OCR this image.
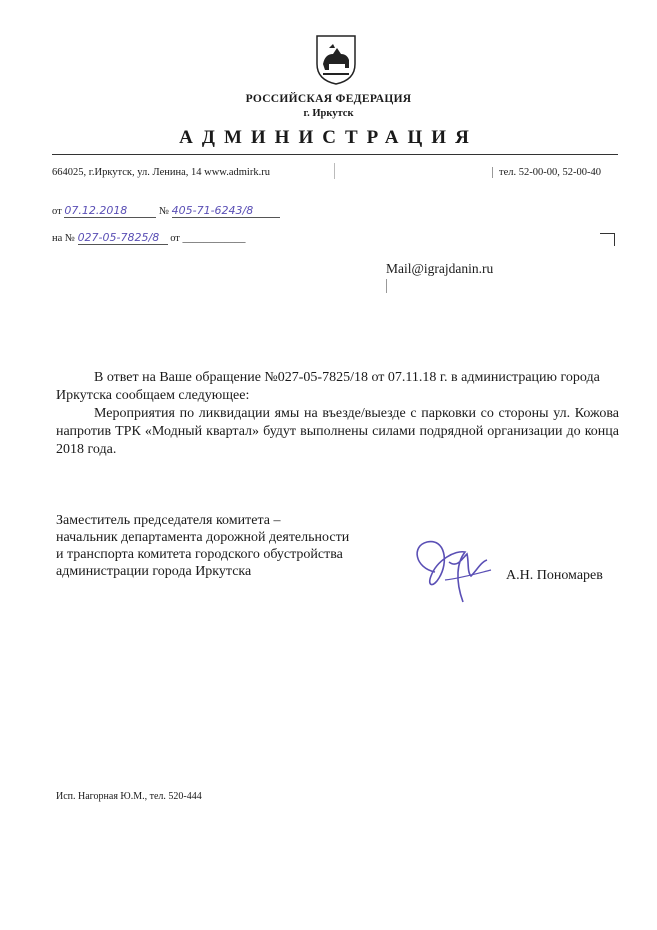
РОССИЙСКАЯ ФЕДЕРАЦИЯ
г. Иркутск
АДМИНИСТРАЦИЯ
664025, г.Иркутск, ул. Ленина, 14 www.admirk.ru	тел. 52-00-00, 52-00-40
от 07.12.2018	№ 405-71-6243/8
на № 027-05-7825/8 от ____________
Mail@igrajdanin.ru
В ответ на Ваше обращение №027-05-7825/18 от 07.11.18 г. в администрацию города Иркутска сообщаем следующее:
Мероприятия по ликвидации ямы на въезде/выезде с парковки со стороны ул. Кожова напротив ТРК «Модный квартал» будут выполнены силами подрядной организации до конца 2018 года.
Заместитель председателя комитета –
начальник департамента дорожной деятельности
и транспорта комитета городского обустройства
администрации города Иркутска	А.Н. Пономарев
Исп. Нагорная Ю.М., тел. 520-444
